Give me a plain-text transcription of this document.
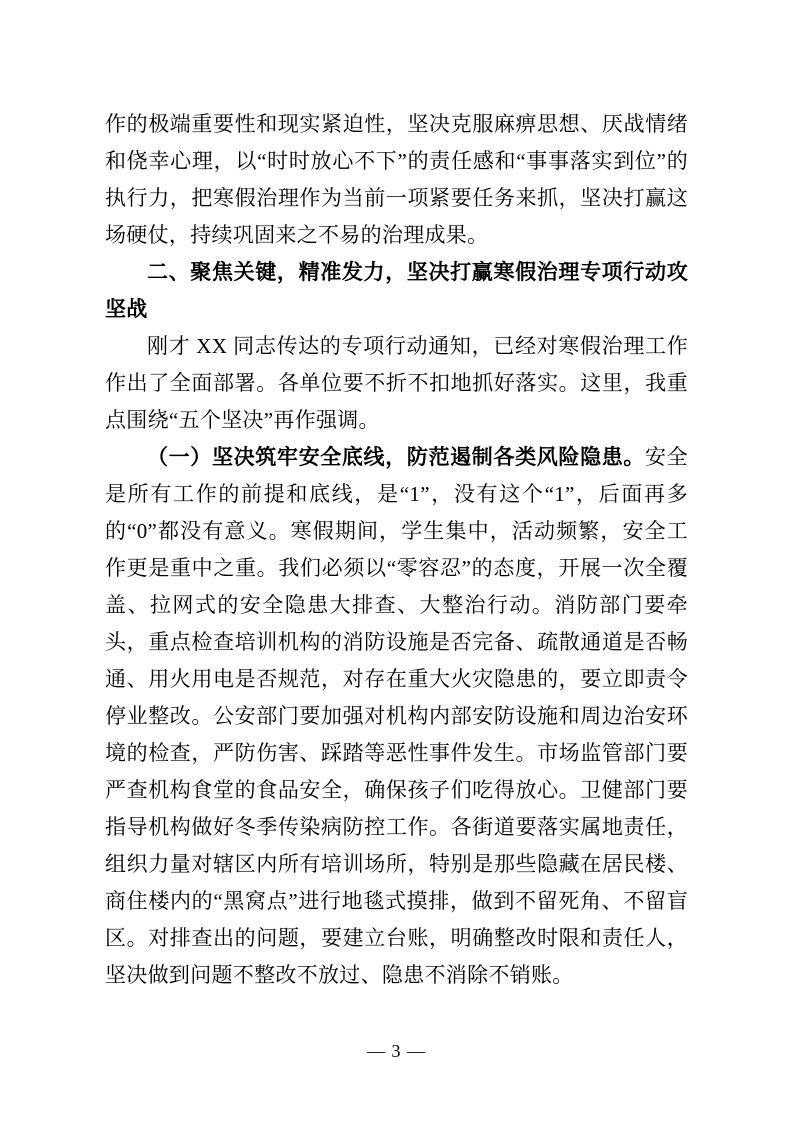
作的极端重要性和现实紧迫性，坚决克服麻痹思想、厌战情绪和侥幸心理，以“时时放心不下”的责任感和“事事落实到位”的执行力，把寒假治理作为当前一项紧要任务来抓，坚决打赢这场硬仗，持续巩固来之不易的治理成果。

二、聚焦关键，精准发力，坚决打赢寒假治理专项行动攻坚战

刚才 XX 同志传达的专项行动通知，已经对寒假治理工作作出了全面部署。各单位要不折不扣地抓好落实。这里，我重点围绕“五个坚决”再作强调。

（一）坚决筑牢安全底线，防范遏制各类风险隐患。安全是所有工作的前提和底线，是“1”，没有这个“1”，后面再多的“0”都没有意义。寒假期间，学生集中，活动频繁，安全工作更是重中之重。我们必须以“零容忍”的态度，开展一次全覆盖、拉网式的安全隐患大排查、大整治行动。消防部门要牵头，重点检查培训机构的消防设施是否完备、疏散通道是否畅通、用火用电是否规范，对存在重大火灾隐患的，要立即责令停业整改。公安部门要加强对机构内部安防设施和周边治安环境的检查，严防伤害、踩踏等恶性事件发生。市场监管部门要严查机构食堂的食品安全，确保孩子们吃得放心。卫健部门要指导机构做好冬季传染病防控工作。各街道要落实属地责任，组织力量对辖区内所有培训场所，特别是那些隐藏在居民楼、商住楼内的“黑窝点”进行地毯式摸排，做到不留死角、不留盲区。对排查出的问题，要建立台账，明确整改时限和责任人，坚决做到问题不整改不放过、隐患不消除不销账。

— 3 —
